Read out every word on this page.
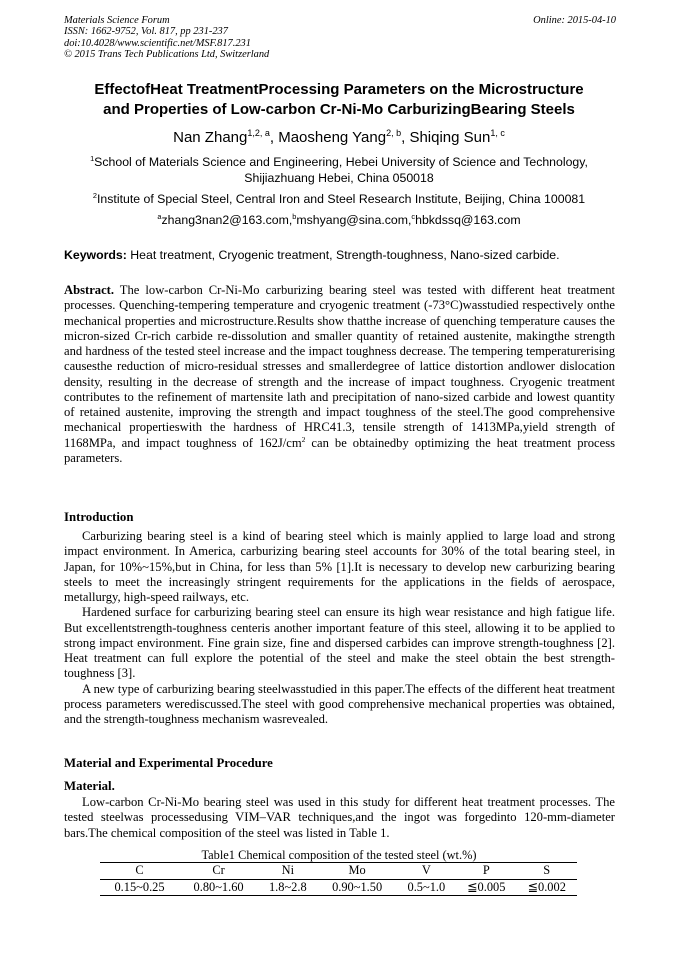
Materials Science Forum
ISSN: 1662-9752, Vol. 817, pp 231-237
doi:10.4028/www.scientific.net/MSF.817.231
© 2015 Trans Tech Publications Ltd, Switzerland
Online: 2015-04-10
EffectofHeat TreatmentProcessing Parameters on the Microstructure
and Properties of Low-carbon Cr-Ni-Mo CarburizingBearing Steels
Nan Zhang$^{1,2, a}$, Maosheng Yang$^{2, b}$, Shiqing Sun$^{1, c}$
$^1$School of Materials Science and Engineering, Hebei University of Science and Technology,
Shijiazhuang Hebei, China 050018
$^2$Institute of Special Steel, Central Iron and Steel Research Institute, Beijing, China 100081
$^a$zhang3nan2@163.com,$^b$mshyang@sina.com,$^c$hbkdssq@163.com
Keywords: Heat treatment, Cryogenic treatment, Strength-toughness, Nano-sized carbide.

Abstract. The low-carbon Cr-Ni-Mo carburizing bearing steel was tested with different heat treatment processes. Quenching-tempering temperature and cryogenic treatment (-73°C)wasstudied respectively onthe mechanical properties and microstructure.Results show thatthe increase of quenching temperature causes the micron-sized Cr-rich carbide re-dissolution and smaller quantity of retained austenite, makingthe strength and hardness of the tested steel increase and the impact toughness decrease. The tempering temperaturerising causesthe reduction of micro-residual stresses and smallerdegree of lattice distortion andlower dislocation density, resulting in the decrease of strength and the increase of impact toughness. Cryogenic treatment contributes to the refinement of martensite lath and precipitation of nano-sized carbide and lowest quantity of retained austenite, improving the strength and impact toughness of the steel.The good comprehensive mechanical propertieswith the hardness of HRC41.3, tensile strength of 1413MPa,yield strength of 1168MPa, and impact toughness of $162J/cm^2$ can be obtainedby optimizing the heat treatment process parameters.

Introduction

Carburizing bearing steel is a kind of bearing steel which is mainly applied to large load and strong impact environment. In America, carburizing bearing steel accounts for 30% of the total bearing steel, in Japan, for 10%~15%,but in China, for less than 5% [1].It is necessary to develop new carburizing bearing steels to meet the increasingly stringent requirements for the applications in the fields of aerospace, metallurgy, high-speed railways, etc.

Hardened surface for carburizing bearing steel can ensure its high wear resistance and high fatigue life. But excellentstrength-toughness centeris another important feature of this steel, allowing it to be applied to strong impact environment. Fine grain size, fine and dispersed carbides can improve strength-toughness [2]. Heat treatment can full explore the potential of the steel and make the steel obtain the best strength-toughness [3].

A new type of carburizing bearing steelwasstudied in this paper.The effects of the different heat treatment process parameters werediscussed.The steel with good comprehensive mechanical properties was obtained, and the strength-toughness mechanism wasrevealed.

Material and Experimental Procedure
Material.

Low-carbon Cr-Ni-Mo bearing steel was used in this study for different heat treatment processes. The tested steelwas processedusing VIM–VAR techniques,and the ingot was forgedinto 120-mm-diameter bars.The chemical composition of the steel was listed in Table 1.

Table1 Chemical composition of the tested steel (wt.%)
C	Cr	Ni	Mo	V	P	S
0.15~0.25	0.80~1.60	1.8~2.8	0.90~1.50	0.5~1.0	≦0.005	≦0.002
